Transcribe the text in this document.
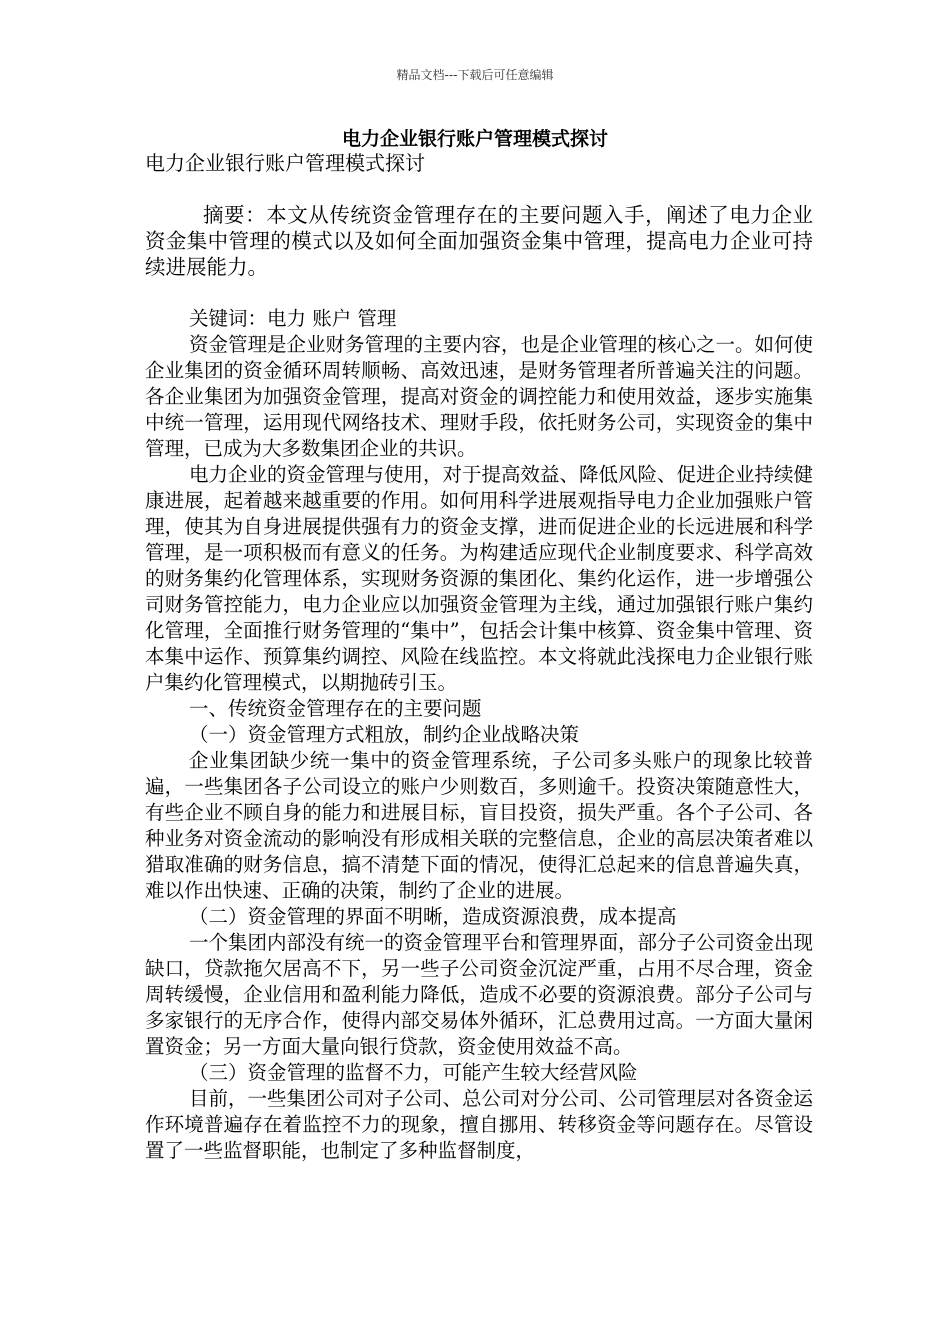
精品文档---下载后可任意编辑
电力企业银行账户管理模式探讨

电力企业银行账户管理模式探讨

摘要：本文从传统资金管理存在的主要问题入手，阐述了电力企业资金集中管理的模式以及如何全面加强资金集中管理，提高电力企业可持续进展能力。

关键词：电力 账户 管理

资金管理是企业财务管理的主要内容，也是企业管理的核心之一。如何使企业集团的资金循环周转顺畅、高效迅速，是财务管理者所普遍关注的问题。各企业集团为加强资金管理，提高对资金的调控能力和使用效益，逐步实施集中统一管理，运用现代网络技术、理财手段，依托财务公司，实现资金的集中管理，已成为大多数集团企业的共识。

电力企业的资金管理与使用，对于提高效益、降低风险、促进企业持续健康进展，起着越来越重要的作用。如何用科学进展观指导电力企业加强账户管理，使其为自身进展提供强有力的资金支撑，进而促进企业的长远进展和科学管理，是一项积极而有意义的任务。为构建适应现代企业制度要求、科学高效的财务集约化管理体系，实现财务资源的集团化、集约化运作，进一步增强公司财务管控能力，电力企业应以加强资金管理为主线，通过加强银行账户集约化管理，全面推行财务管理的“集中”，包括会计集中核算、资金集中管理、资本集中运作、预算集约调控、风险在线监控。本文将就此浅探电力企业银行账户集约化管理模式，以期抛砖引玉。

一、传统资金管理存在的主要问题

（一）资金管理方式粗放，制约企业战略决策

企业集团缺少统一集中的资金管理系统，子公司多头账户的现象比较普遍，一些集团各子公司设立的账户少则数百，多则逾千。投资决策随意性大，有些企业不顾自身的能力和进展目标，盲目投资，损失严重。各个子公司、各种业务对资金流动的影响没有形成相关联的完整信息，企业的高层决策者难以猎取准确的财务信息，搞不清楚下面的情况，使得汇总起来的信息普遍失真，难以作出快速、正确的决策，制约了企业的进展。

（二）资金管理的界面不明晰，造成资源浪费，成本提高

一个集团内部没有统一的资金管理平台和管理界面，部分子公司资金出现缺口，贷款拖欠居高不下，另一些子公司资金沉淀严重，占用不尽合理，资金周转缓慢，企业信用和盈利能力降低，造成不必要的资源浪费。部分子公司与多家银行的无序合作，使得内部交易体外循环，汇总费用过高。一方面大量闲置资金；另一方面大量向银行贷款，资金使用效益不高。

（三）资金管理的监督不力，可能产生较大经营风险

目前，一些集团公司对子公司、总公司对分公司、公司管理层对各资金运作环境普遍存在着监控不力的现象，擅自挪用、转移资金等问题存在。尽管设置了一些监督职能，也制定了多种监督制度，
